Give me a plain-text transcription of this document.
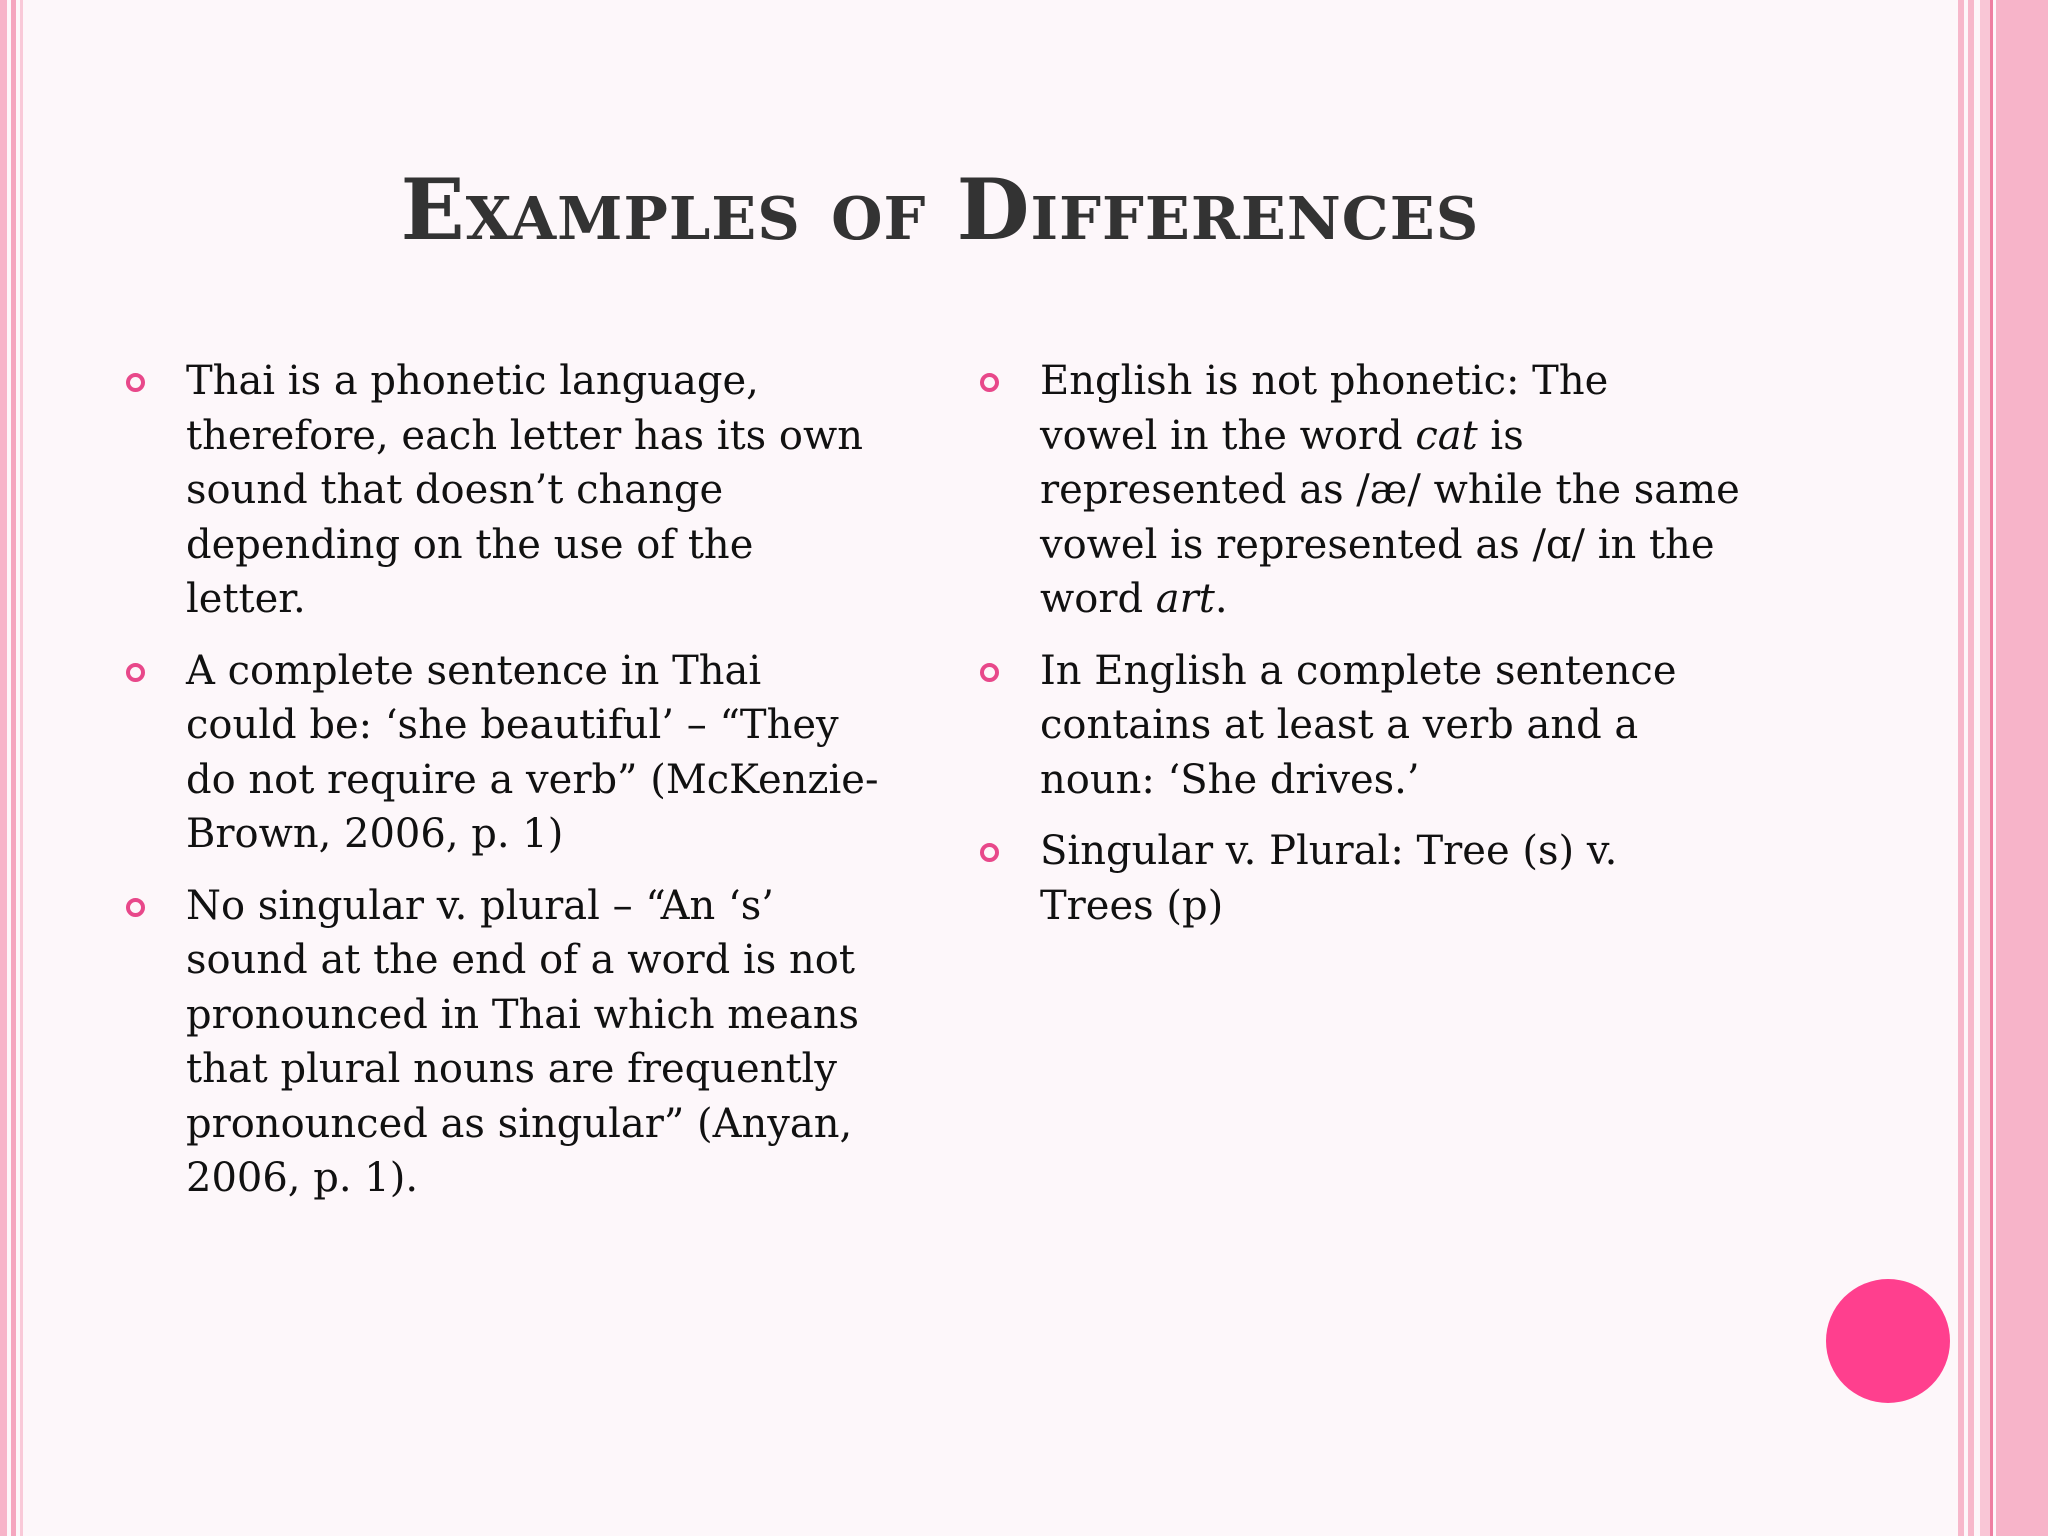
Examples of Differences
Thai is a phonetic language,
therefore, each letter has its own
sound that doesn’t change
depending on the use of the
letter.
A complete sentence in Thai
could be: ‘she beautiful’ – “They
do not require a verb” (McKenzie-
Brown, 2006, p. 1)
No singular v. plural – “An ‘s’
sound at the end of a word is not
pronounced in Thai which means
that plural nouns are frequently
pronounced as singular” (Anyan,
2006, p. 1).
English is not phonetic: The
vowel in the word cat is
represented as /æ/ while the same
vowel is represented as /ɑ/ in the
word art.
In English a complete sentence
contains at least a verb and a
noun: ‘She drives.’
Singular v. Plural: Tree (s) v.
Trees (p)
